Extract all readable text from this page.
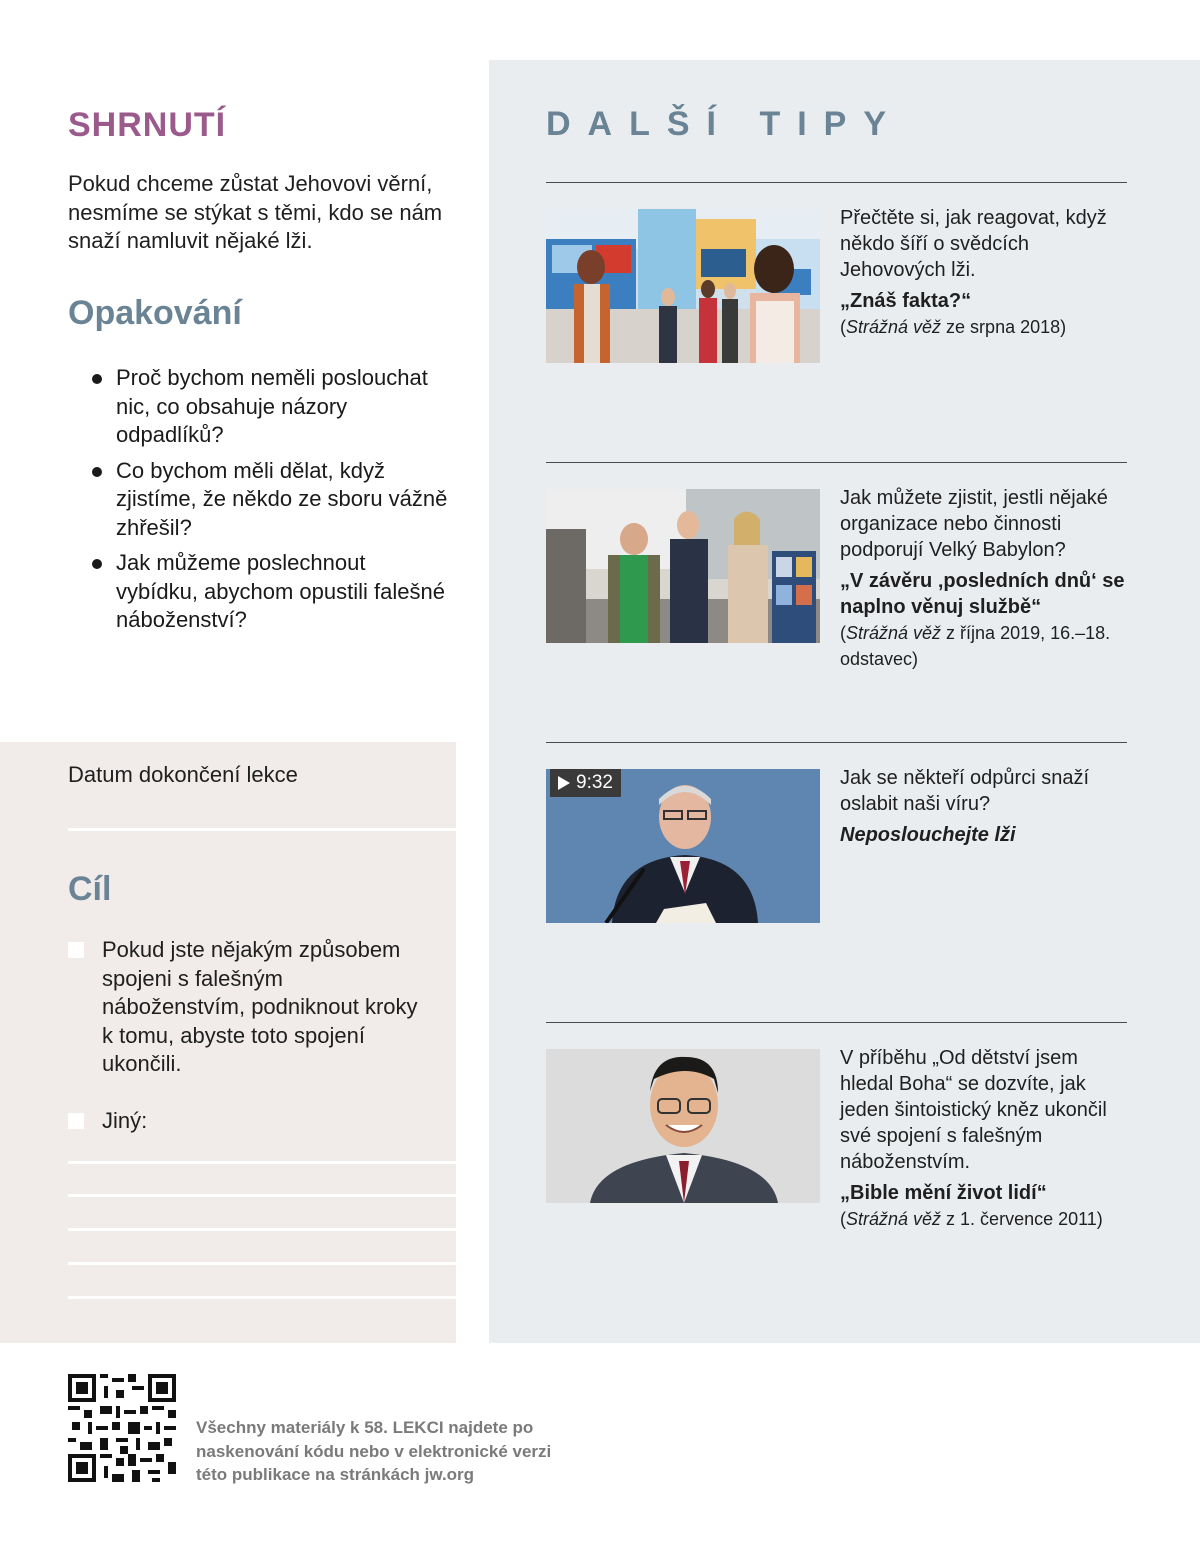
SHRNUTÍ

Pokud chceme zůstat Jehovovi věrní, nesmíme se stýkat s těmi, kdo se nám snaží namluvit nějaké lži.

Opakování
Proč bychom neměli poslouchat nic, co obsahuje názory odpadlíků?
Co bychom měli dělat, když zjistíme, že někdo ze sboru vážně zhřešil?
Jak můžeme poslechnout vybídku, abychom opustili falešné náboženství?
Datum dokončení lekce
Cíl
Pokud jste nějakým způsobem spojeni s falešným náboženstvím, podniknout kroky k tomu, abyste toto spojení ukončili.
Jiný:
DALŠÍ TIPY
Přečtěte si, jak reagovat, když někdo šíří o svědcích Jehovových lži.
„Znáš fakta?“
(Strážná věž ze srpna 2018)
Jak můžete zjistit, jestli nějaké organizace nebo činnosti podporují Velký Babylon?
„V závěru ‚posledních dnů‘ se naplno věnuj službě“
(Strážná věž z října 2019, 16.–18. odstavec)
9:32	Jak se někteří odpůrci snaží oslabit naši víru?
Neposlouchejte lži
V příběhu „Od dětství jsem hledal Boha“ se dozvíte, jak jeden šintoistický kněz ukončil své spojení s falešným náboženstvím.
„Bible mění život lidí“
(Strážná věž z 1. července 2011)
Všechny materiály k 58. LEKCI najdete po naskenování kódu nebo v elektronické verzi této publikace na stránkách jw.org
